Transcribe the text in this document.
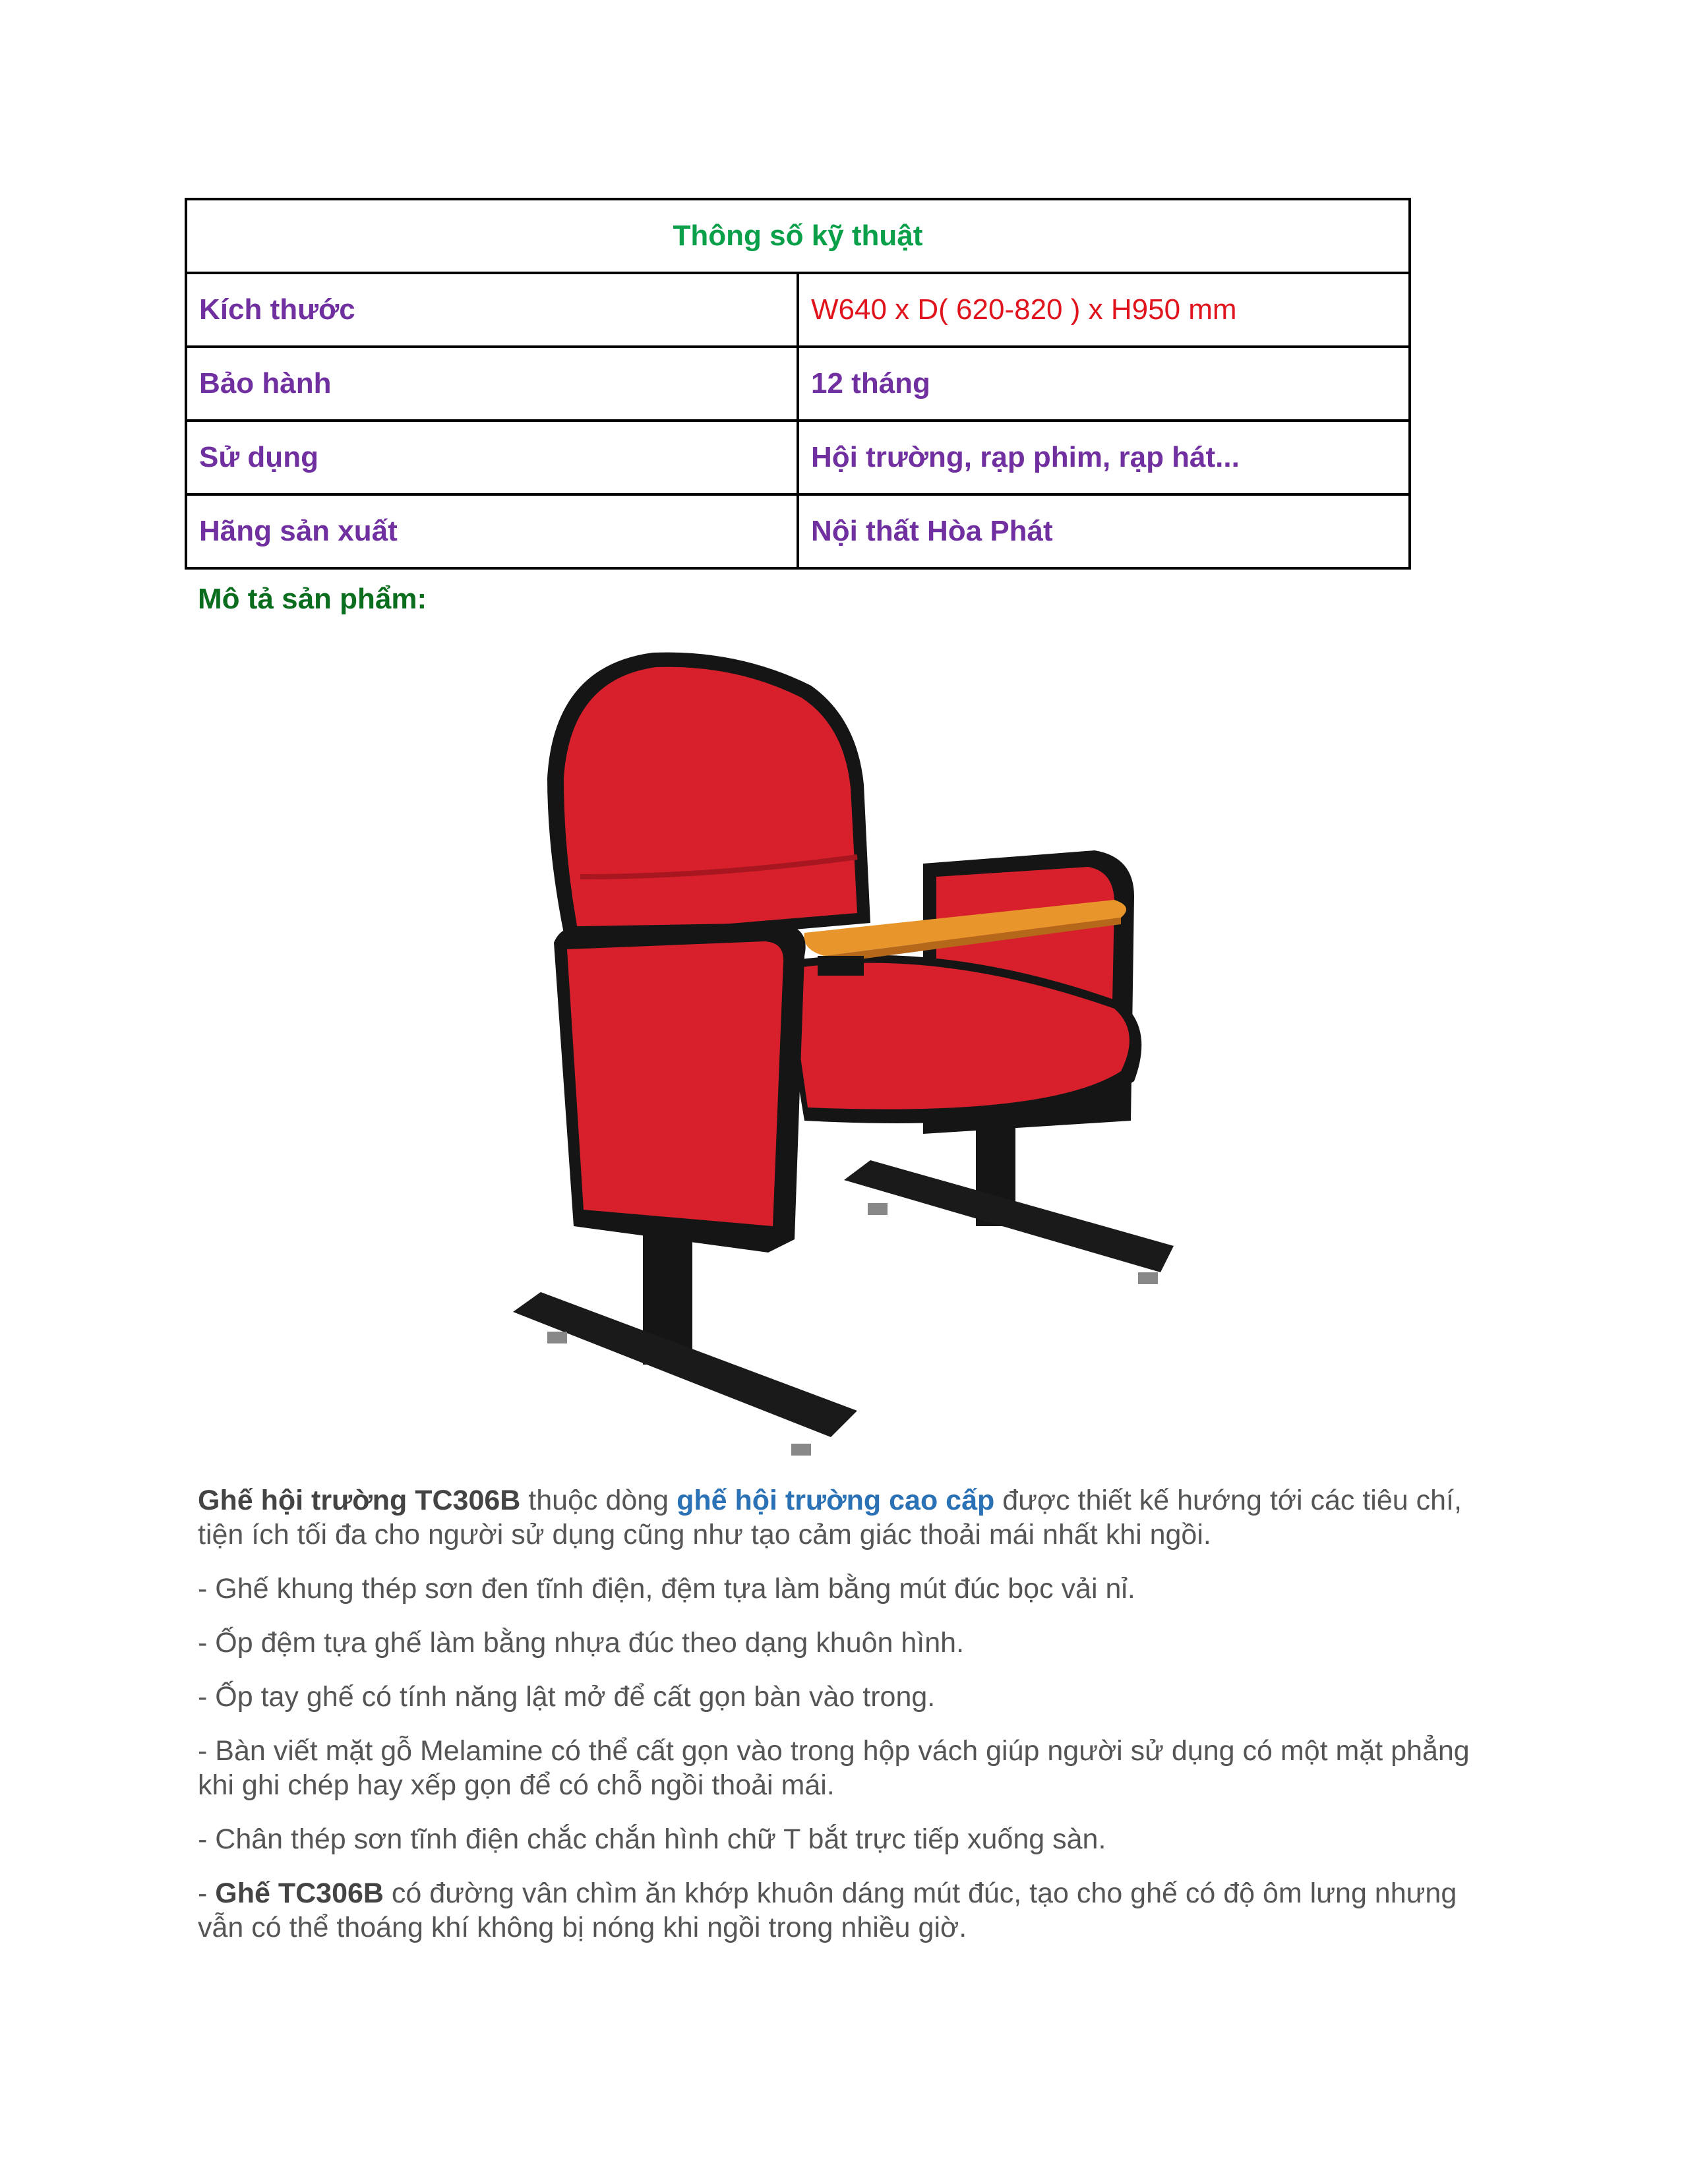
Thông số kỹ thuật	
Kích thước	W640 x D( 620-820 ) x H950 mm
Bảo hành	12 tháng
Sử dụng	Hội trường, rạp phim, rạp hát...
Hãng sản xuất	Nội thất Hòa Phát
Mô tả sản phẩm:

Ghế hội trường TC306B thuộc dòng ghế hội trường cao cấp được thiết kế hướng tới các tiêu chí, tiện ích tối đa cho người sử dụng cũng như tạo cảm giác thoải mái nhất khi ngồi.

- Ghế khung thép sơn đen tĩnh điện, đệm tựa làm bằng mút đúc bọc vải nỉ.

- Ốp đệm tựa ghế làm bằng nhựa đúc theo dạng khuôn hình.

- Ốp tay ghế có tính năng lật mở để cất gọn bàn vào trong.

- Bàn viết mặt gỗ Melamine có thể cất gọn vào trong hộp vách giúp người sử dụng có một mặt phẳng khi ghi chép hay xếp gọn để có chỗ ngồi thoải mái.

- Chân thép sơn tĩnh điện chắc chắn hình chữ T bắt trực tiếp xuống sàn.

- Ghế TC306B có đường vân chìm ăn khớp khuôn dáng mút đúc, tạo cho ghế có độ ôm lưng nhưng vẫn có thể thoáng khí không bị nóng khi ngồi trong nhiều giờ.
